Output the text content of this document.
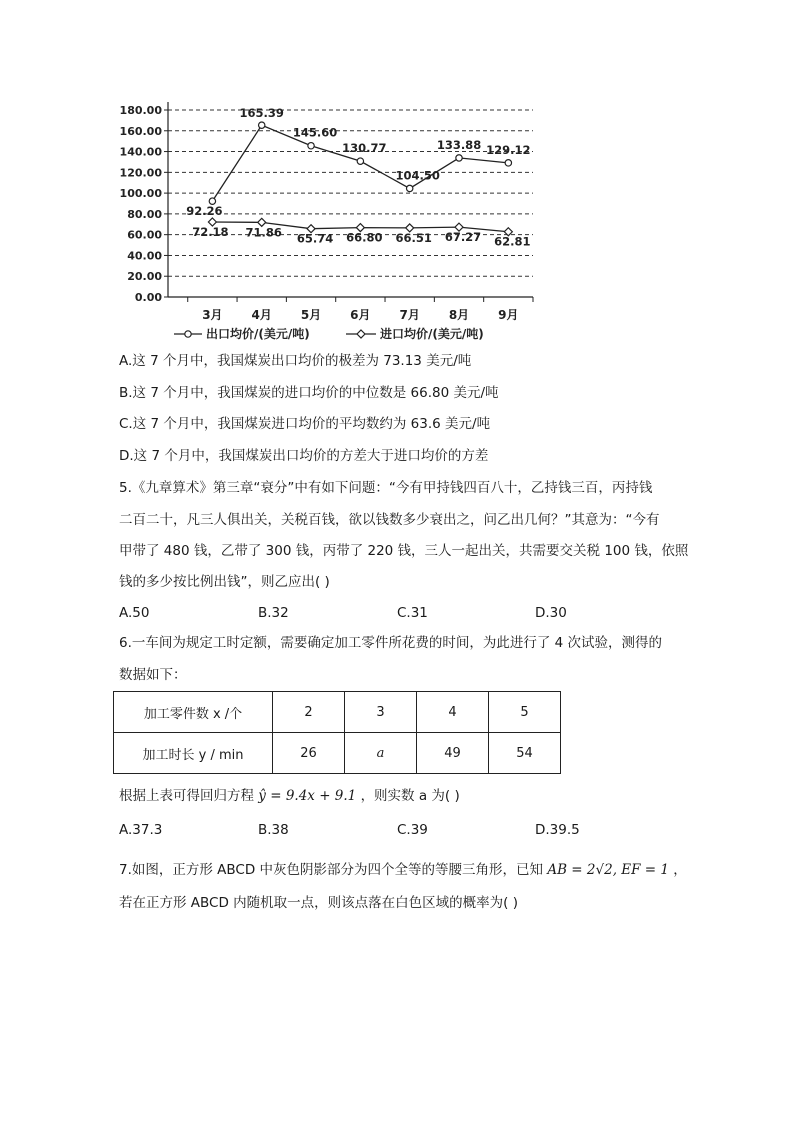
180.00
160.00
140.00
120.00
100.00
80.00
60.00
40.00
20.00
0.00
3月 4月 5月 6月 7月 8月 9月
92.26
165.39
145.60
130.77
104.50
133.88 129.12
72.18 71.86 65.74 66.80 66.51 67.27 62.81
出口均价/(美元/吨)	进口均价/(美元/吨)
A.这 7 个月中，我国煤炭出口均价的极差为 73.13 美元/吨
B.这 7 个月中，我国煤炭的进口均价的中位数是 66.80 美元/吨
C.这 7 个月中，我国煤炭进口均价的平均数约为 63.6 美元/吨
D.这 7 个月中，我国煤炭出口均价的方差大于进口均价的方差
5.《九章算术》第三章“衰分”中有如下问题：“今有甲持钱四百八十，乙持钱三百，丙持钱
二百二十，凡三人俱出关，关税百钱，欲以钱数多少衰出之，问乙出几何？”其意为：“今有
甲带了 480 钱，乙带了 300 钱，丙带了 220 钱，三人一起出关，共需要交关税 100 钱，依照
钱的多少按比例出钱”，则乙应出( )
A.50	B.32	C.31	D.30
6.一车间为规定工时定额，需要确定加工零件所花费的时间，为此进行了 4 次试验，测得的
数据如下：
加工零件数 x /个	2	3	4	5
加工时长 y / min	26	a	49	54
根据上表可得回归方程 ŷ = 9.4x + 9.1 ，则实数 a 为( )
A.37.3	B.38	C.39	D.39.5
7.如图，正方形 ABCD 中灰色阴影部分为四个全等的等腰三角形，已知 AB = 2√2, EF = 1 ，
若在正方形 ABCD 内随机取一点，则该点落在白色区域的概率为( )
